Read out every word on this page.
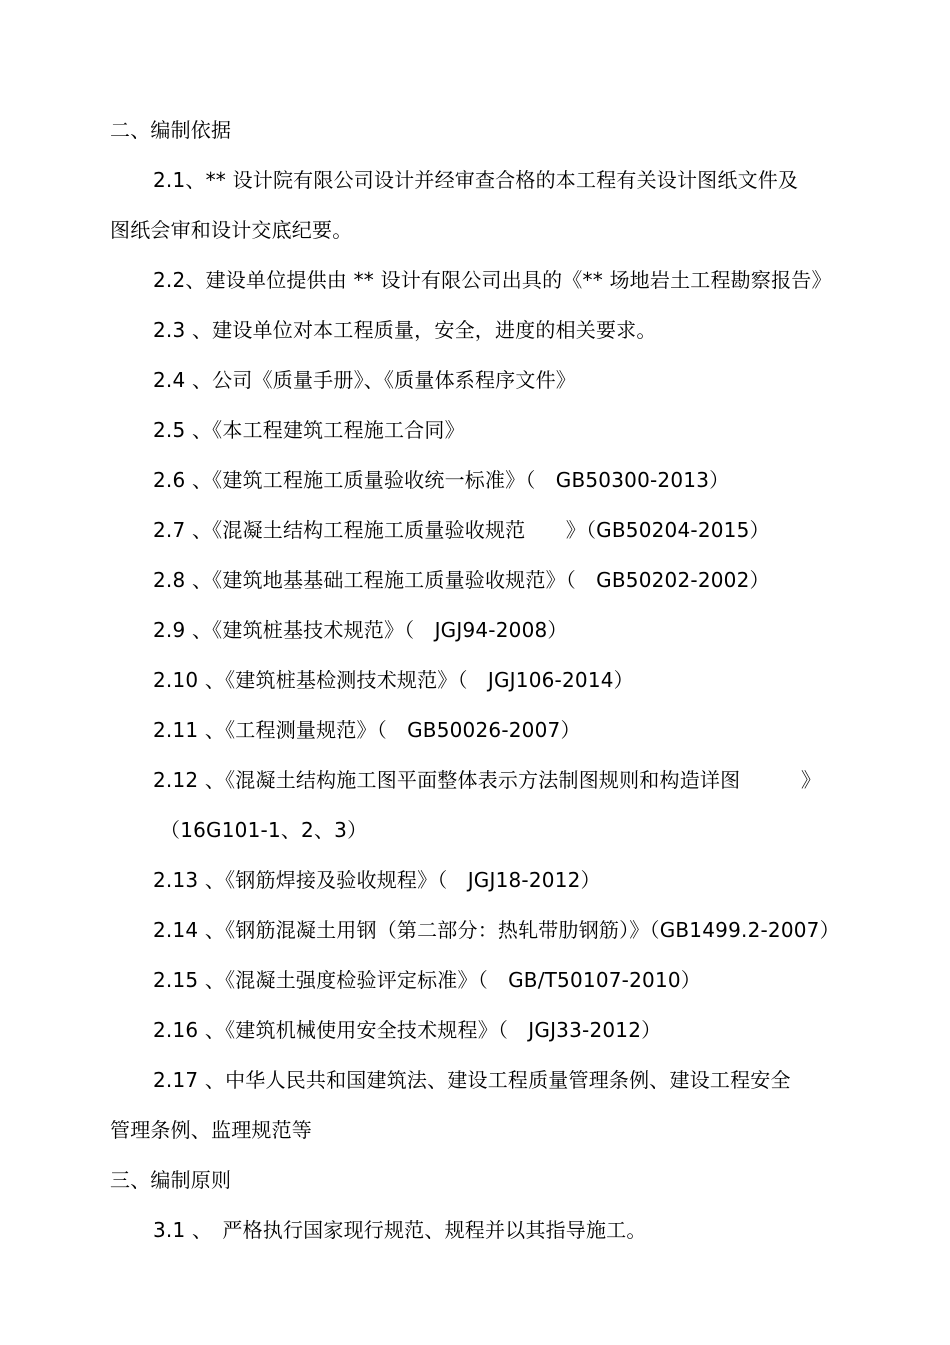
二、编制依据
2.1、** 设计院有限公司设计并经审查合格的本工程有关设计图纸文件及
图纸会审和设计交底纪要。
2.2、建设单位提供由 ** 设计有限公司出具的《** 场地岩土工程勘察报告》
2.3 、建设单位对本工程质量，安全，进度的相关要求。
2.4 、公司《质量手册》、《质量体系程序文件》
2.5 、《本工程建筑工程施工合同》
2.6 、《建筑工程施工质量验收统一标准》（　GB50300-2013）
2.7 、《混凝土结构工程施工质量验收规范　　》（GB50204-2015）
2.8 、《建筑地基基础工程施工质量验收规范》（　GB50202-2002）
2.9 、《建筑桩基技术规范》（　JGJ94-2008）
2.10 、《建筑桩基检测技术规范》（　JGJ106-2014）
2.11 、《工程测量规范》（　GB50026-2007）
2.12 、《混凝土结构施工图平面整体表示方法制图规则和构造详图　　　》
（16G101-1、2、3）
2.13 、《钢筋焊接及验收规程》（　JGJ18-2012）
2.14 、《钢筋混凝土用钢（第二部分：热轧带肋钢筋）》（GB1499.2-2007）
2.15 、《混凝土强度检验评定标准》（　GB/T50107-2010）
2.16 、《建筑机械使用安全技术规程》（　JGJ33-2012）
2.17 、中华人民共和国建筑法、建设工程质量管理条例、建设工程安全
管理条例、监理规范等
三、编制原则
3.1 、　严格执行国家现行规范、规程并以其指导施工。
